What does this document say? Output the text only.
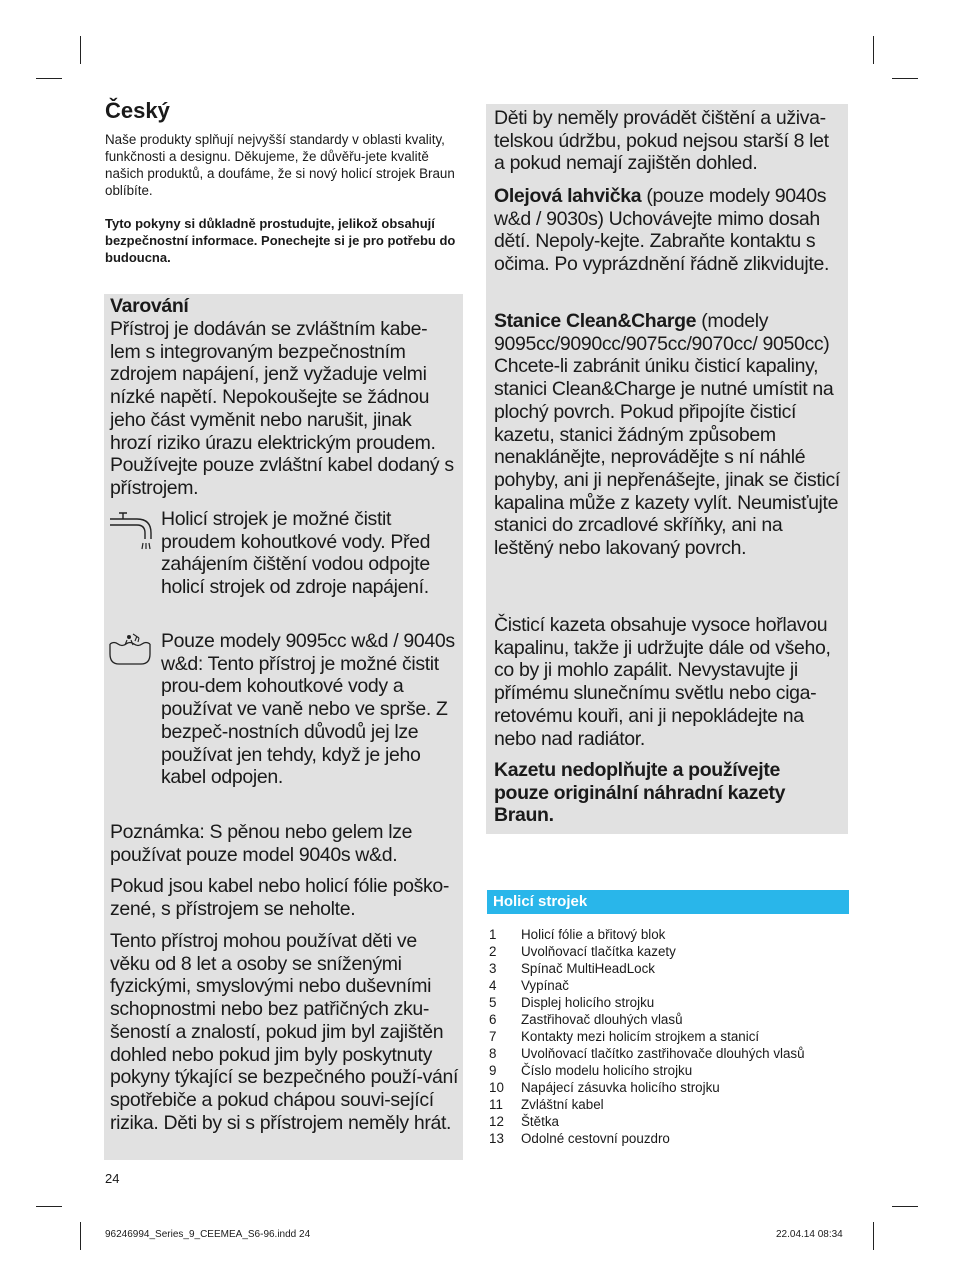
Český

Naše produkty splňují nejvyšší standardy v oblasti kvality, funkčnosti a designu. Děkujeme, že důvěřu-jete kvalitě našich produktů, a doufáme, že si nový holicí strojek Braun oblíbíte.

Tyto pokyny si důkladně prostudujte, jelikož obsahují bezpečnostní informace. Ponechejte si je pro potřebu do budoucna.

Varování

Přístroj je dodáván se zvláštním kabe-lem s integrovaným bezpečnostním zdrojem napájení, jenž vyžaduje velmi nízké napětí. Nepokoušejte se žádnou jeho část vyměnit nebo narušit, jinak hrozí riziko úrazu elektrickým proudem. Používejte pouze zvláštní kabel dodaný s přístrojem.

Holicí strojek je možné čistit proudem kohoutkové vody. Před zahájením čištění vodou odpojte holicí strojek od zdroje napájení.

Pouze modely 9095cc w&d / 9040s w&d: Tento přístroj je možné čistit prou-dem kohoutkové vody a používat ve vaně nebo ve sprše. Z bezpeč-nostních důvodů jej lze používat jen tehdy, když je jeho kabel odpojen.

Poznámka: S pěnou nebo gelem lze používat pouze model 9040s w&d.

Pokud jsou kabel nebo holicí fólie poško-zené, s přístrojem se neholte.

Tento přístroj mohou používat děti ve věku od 8 let a osoby se sníženými fyzickými, smyslovými nebo duševními schopnostmi nebo bez patřičných zku-šeností a znalostí, pokud jim byl zajištěn dohled nebo pokud jim byly poskytnuty pokyny týkající se bezpečného použí-vání spotřebiče a pokud chápou souvi-sející rizika. Děti by si s přístrojem neměly hrát.

Děti by neměly provádět čištění a uživa-telskou údržbu, pokud nejsou starší 8 let a pokud nemají zajištěn dohled.

Olejová lahvička (pouze modely 9040s w&d / 9030s) Uchovávejte mimo dosah dětí. Nepoly-kejte. Zabraňte kontaktu s očima. Po vyprázdnění řádně zlikvidujte.

Stanice Clean&Charge (modely 9095cc/9090cc/9075cc/9070cc/ 9050cc) Chcete-li zabránit úniku čisticí kapaliny, stanici Clean&Charge je nutné umístit na plochý povrch. Pokud připojíte čisticí kazetu, stanici žádným způsobem nenaklánějte, neprovádějte s ní náhlé pohyby, ani ji nepřenášejte, jinak se čisticí kapalina může z kazety vylít. Neumisťujte stanici do zrcadlové skříňky, ani na leštěný nebo lakovaný povrch.

Čisticí kazeta obsahuje vysoce hořlavou kapalinu, takže ji udržujte dále od všeho, co by ji mohlo zapálit. Nevystavujte ji přímému slunečnímu světlu nebo ciga-retovému kouři, ani ji nepokládejte na nebo nad radiátor.

Kazetu nedoplňujte a používejte pouze originální náhradní kazety Braun.

Holicí strojek
1	Holicí fólie a břitový blok
2	Uvolňovací tlačítka kazety
3	Spínač MultiHeadLock
4	Vypínač
5	Displej holicího strojku
6	Zastřihovač dlouhých vlasů
7	Kontakty mezi holicím strojkem a stanicí
8	Uvolňovací tlačítko zastřihovače dlouhých vlasů
9	Číslo modelu holicího strojku
10	Napájecí zásuvka holicího strojku
11	Zvláštní kabel
12	Štětka
13	Odolné cestovní pouzdro
24
96246994_Series_9_CEEMEA_S6-96.indd 24	22.04.14 08:34
